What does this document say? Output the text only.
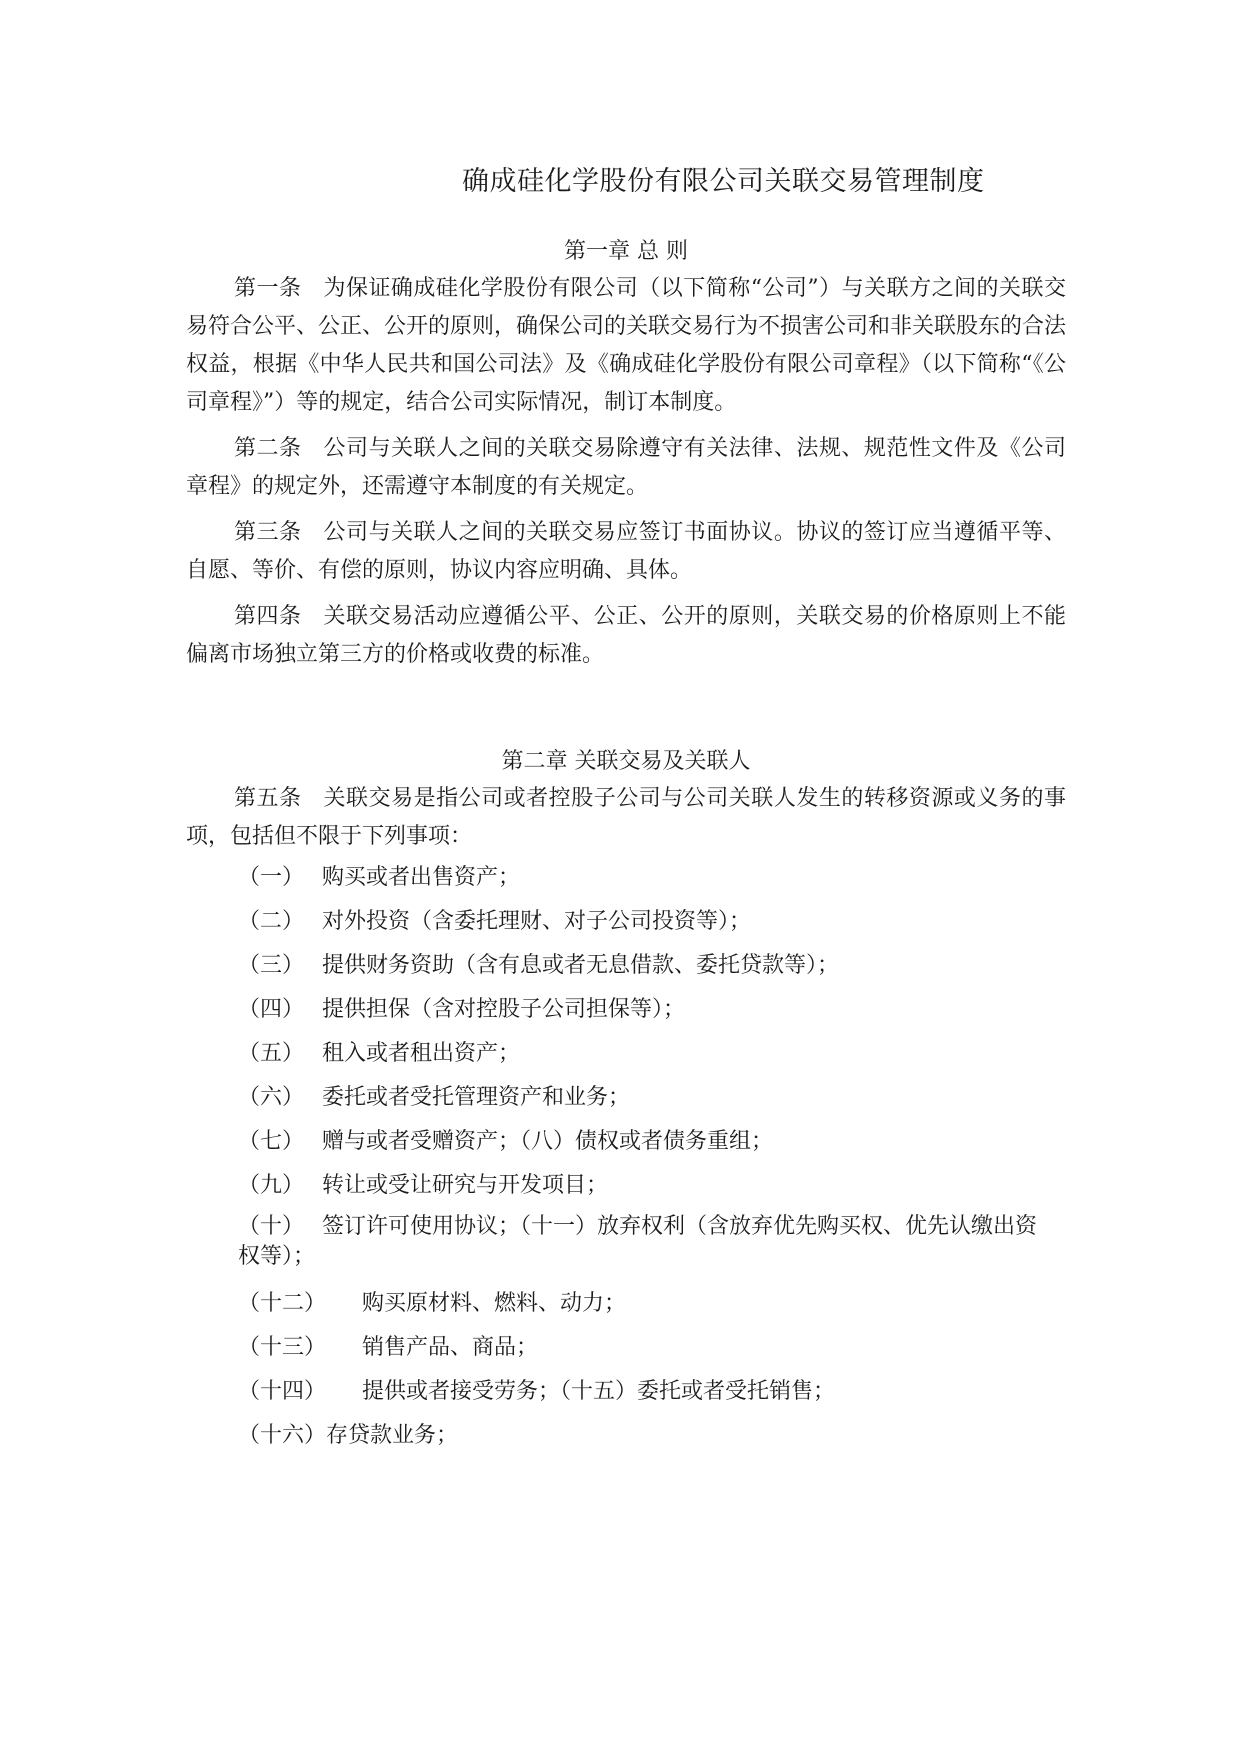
确成硅化学股份有限公司关联交易管理制度
第一章 总 则

第一条 为保证确成硅化学股份有限公司（以下简称“公司”）与关联方之间的关联交易符合公平、公正、公开的原则，确保公司的关联交易行为不损害公司和非关联股东的合法权益，根据《中华人民共和国公司法》及《确成硅化学股份有限公司章程》（以下简称“《公司章程》”）等的规定，结合公司实际情况，制订本制度。

第二条 公司与关联人之间的关联交易除遵守有关法律、法规、规范性文件及《公司章程》的规定外，还需遵守本制度的有关规定。

第三条 公司与关联人之间的关联交易应签订书面协议。协议的签订应当遵循平等、自愿、等价、有偿的原则，协议内容应明确、具体。

第四条 关联交易活动应遵循公平、公正、公开的原则，关联交易的价格原则上不能偏离市场独立第三方的价格或收费的标准。

第二章 关联交易及关联人

第五条 关联交易是指公司或者控股子公司与公司关联人发生的转移资源或义务的事项，包括但不限于下列事项：

（一） 购买或者出售资产；
（二） 对外投资（含委托理财、对子公司投资等）；
（三） 提供财务资助（含有息或者无息借款、委托贷款等）；
（四） 提供担保（含对控股子公司担保等）；
（五） 租入或者租出资产；
（六） 委托或者受托管理资产和业务；
（七） 赠与或者受赠资产；（八）债权或者债务重组；
（九） 转让或受让研究与开发项目；
（十） 签订许可使用协议；（十一）放弃权利（含放弃优先购买权、优先认缴出资权等）；
（十二） 购买原材料、燃料、动力；
（十三） 销售产品、商品；
（十四） 提供或者接受劳务；（十五）委托或者受托销售；
（十六）存贷款业务；
